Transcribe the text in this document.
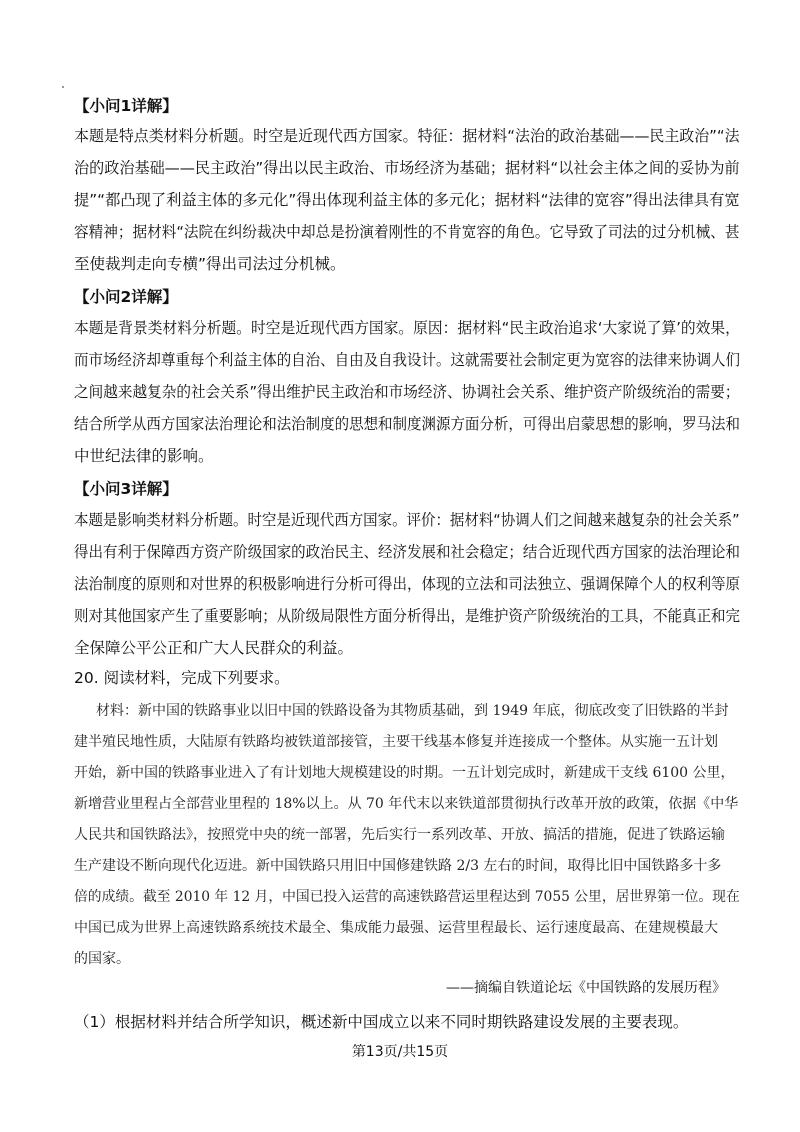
【小问1详解】
本题是特点类材料分析题。时空是近现代西方国家。特征：据材料“法治的政治基础——民主政治”“法
治的政治基础——民主政治”得出以民主政治、市场经济为基础；据材料“以社会主体之间的妥协为前
提”“都凸现了利益主体的多元化”得出体现利益主体的多元化；据材料“法律的宽容”得出法律具有宽
容精神；据材料“法院在纠纷裁决中却总是扮演着刚性的不肯宽容的角色。它导致了司法的过分机械、甚
至使裁判走向专横”得出司法过分机械。
【小问2详解】
本题是背景类材料分析题。时空是近现代西方国家。原因：据材料“民主政治追求‘大家说了算’的效果，
而市场经济却尊重每个利益主体的自治、自由及自我设计。这就需要社会制定更为宽容的法律来协调人们
之间越来越复杂的社会关系”得出维护民主政治和市场经济、协调社会关系、维护资产阶级统治的需要；
结合所学从西方国家法治理论和法治制度的思想和制度渊源方面分析，可得出启蒙思想的影响，罗马法和
中世纪法律的影响。
【小问3详解】
本题是影响类材料分析题。时空是近现代西方国家。评价：据材料“协调人们之间越来越复杂的社会关系”
得出有利于保障西方资产阶级国家的政治民主、经济发展和社会稳定；结合近现代西方国家的法治理论和
法治制度的原则和对世界的积极影响进行分析可得出，体现的立法和司法独立、强调保障个人的权利等原
则对其他国家产生了重要影响；从阶级局限性方面分析得出，是维护资产阶级统治的工具，不能真正和完
全保障公平公正和广大人民群众的利益。
20. 阅读材料，完成下列要求。
材料：新中国的铁路事业以旧中国的铁路设备为其物质基础，到 1949 年底，彻底改变了旧铁路的半封
建半殖民地性质，大陆原有铁路均被铁道部接管，主要干线基本修复并连接成一个整体。从实施一五计划
开始，新中国的铁路事业进入了有计划地大规模建设的时期。一五计划完成时，新建成干支线 6100 公里，
新增营业里程占全部营业里程的 18%以上。从 70 年代末以来铁道部贯彻执行改革开放的政策，依据《中华
人民共和国铁路法》，按照党中央的统一部署，先后实行一系列改革、开放、搞活的措施，促进了铁路运输
生产建设不断向现代化迈进。新中国铁路只用旧中国修建铁路 2/3 左右的时间，取得比旧中国铁路多十多
倍的成绩。截至 2010 年 12 月，中国已投入运营的高速铁路营运里程达到 7055 公里，居世界第一位。现在
中国已成为世界上高速铁路系统技术最全、集成能力最强、运营里程最长、运行速度最高、在建规模最大
的国家。
——摘编自铁道论坛《中国铁路的发展历程》
（1）根据材料并结合所学知识，概述新中国成立以来不同时期铁路建设发展的主要表现。
第13页/共15页
